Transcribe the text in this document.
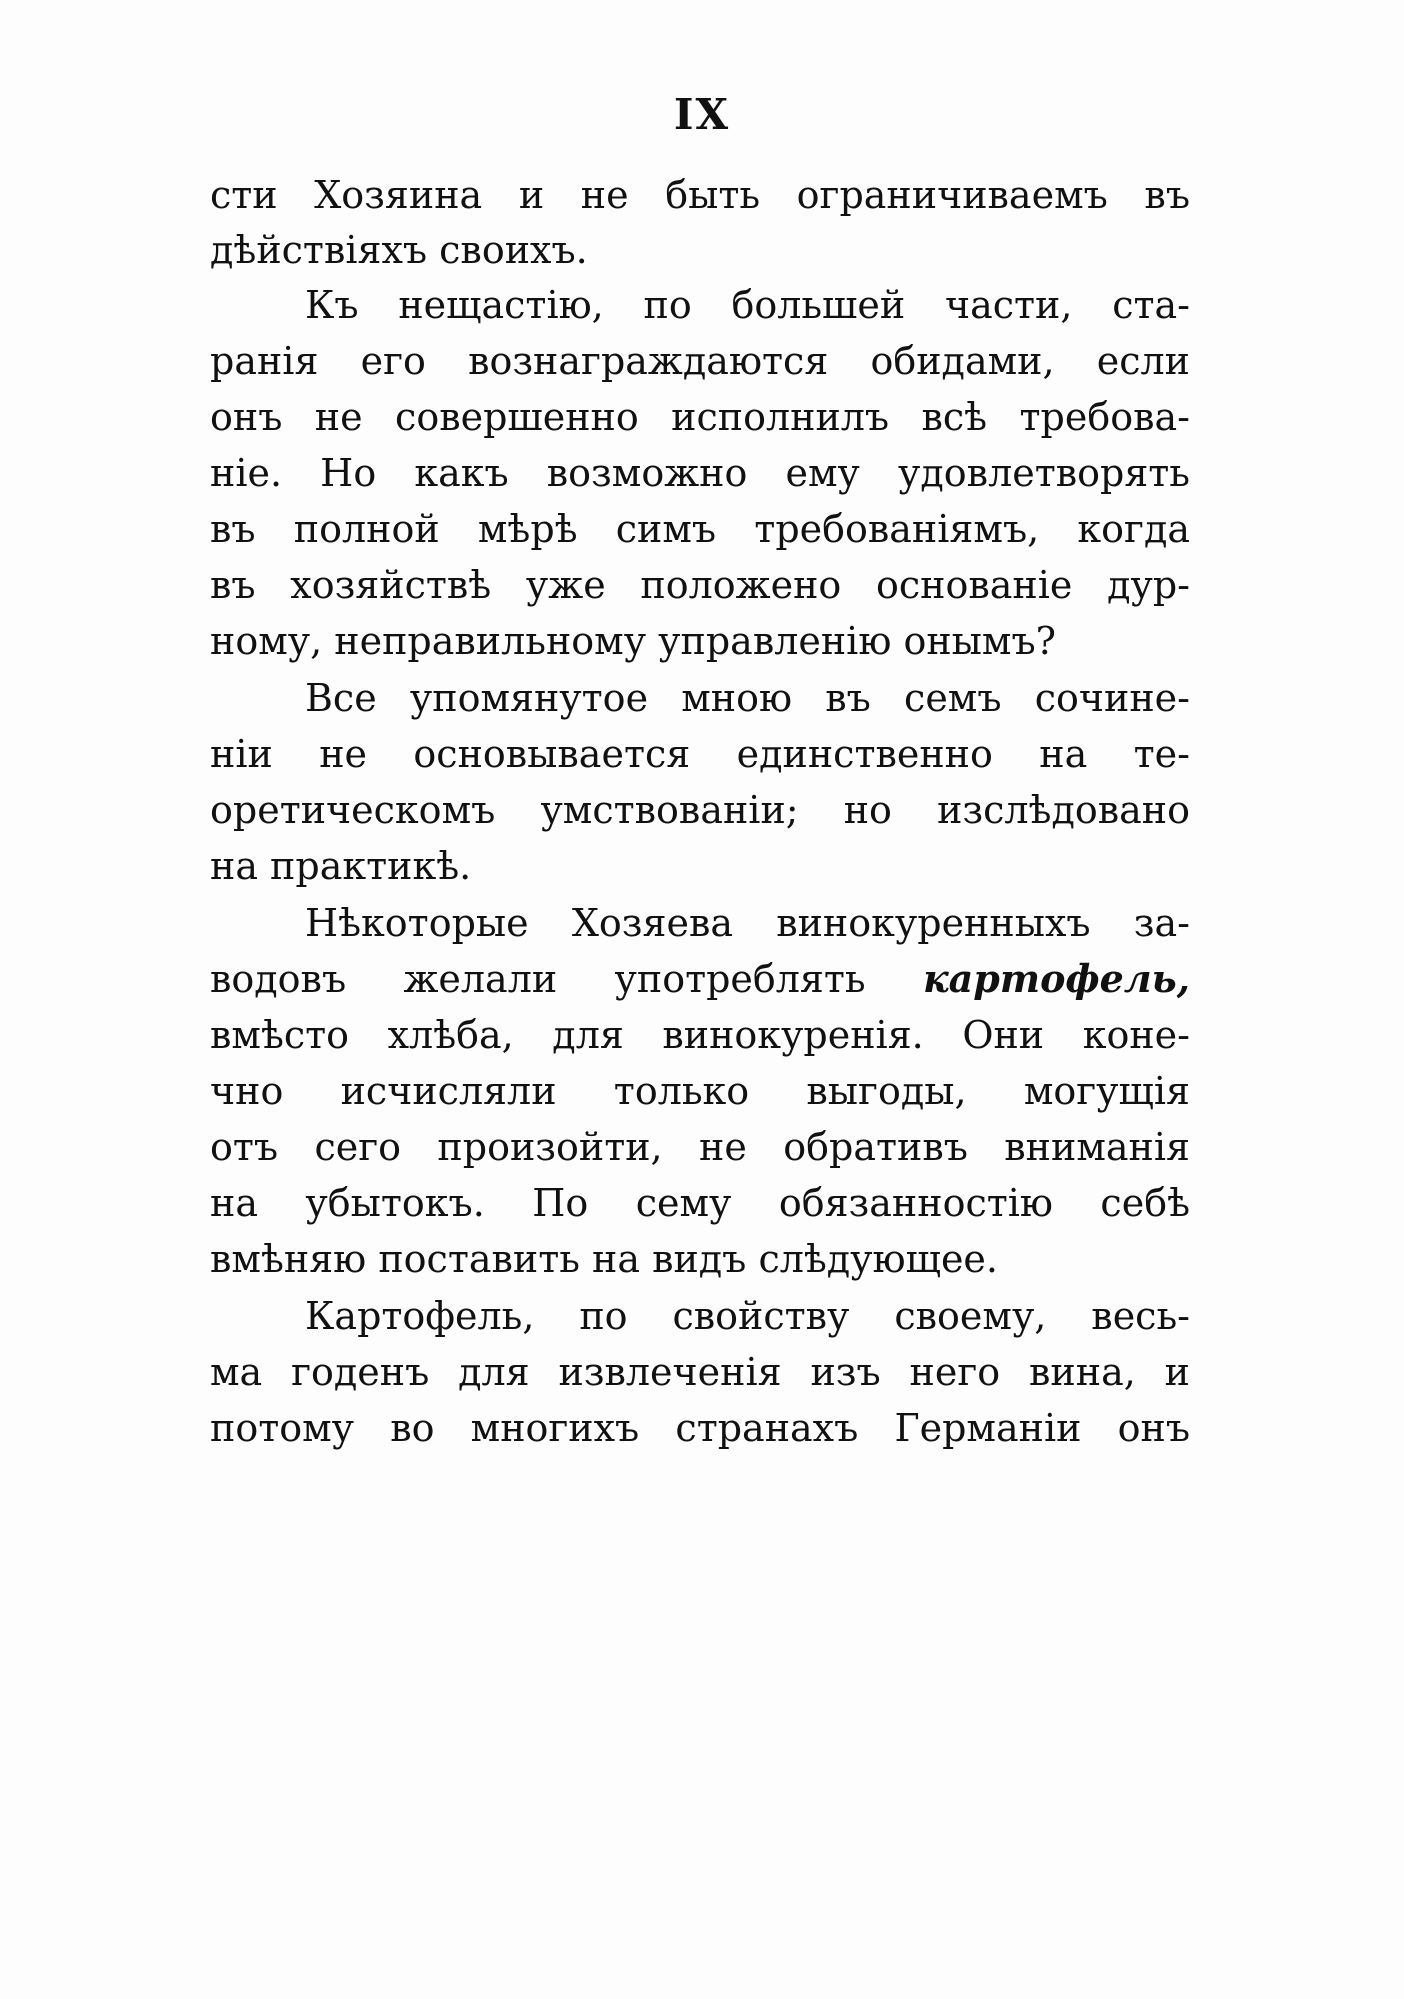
IX
сти Хозяина и не быть ограничиваемъ въ
дѣйствіяхъ своихъ.
Къ нещастію, по большей части, ста-
ранія его вознаграждаются обидами, если
онъ не совершенно исполнилъ всѣ требова-
ніе. Но какъ возможно ему удовлетворять
въ полной мѣрѣ симъ требованіямъ, когда
въ хозяйствѣ уже положено основаніе дур-
ному, неправильному управленію онымъ?
Все упомянутое мною въ семъ сочине-
ніи не основывается единственно на те-
оретическомъ умствованіи; но изслѣдовано
на практикѣ.
Нѣкоторые Хозяева винокуренныхъ за-
водовъ желали употреблять картофель,
вмѣсто хлѣба, для винокуренія. Они коне-
чно исчисляли только выгоды, могущія
отъ сего произойти, не обративъ вниманія
на убытокъ. По сему обязанностію себѣ
вмѣняю поставить на видъ слѣдующее.
Картофель, по свойству своему, весь-
ма годенъ для извлеченія изъ него вина, и
потому во многихъ странахъ Германіи онъ
